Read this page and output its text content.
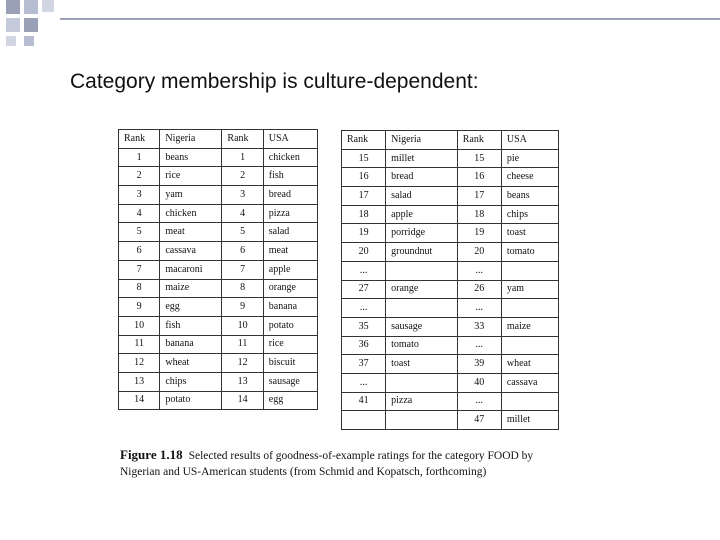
Category membership is culture-dependent:
Rank	Nigeria	Rank	USA
1	beans	1	chicken
2	rice	2	fish
3	yam	3	bread
4	chicken	4	pizza
5	meat	5	salad
6	cassava	6	meat
7	macaroni	7	apple
8	maize	8	orange
9	egg	9	banana
10	fish	10	potato
11	banana	11	rice
12	wheat	12	biscuit
13	chips	13	sausage
14	potato	14	egg
Rank	Nigeria	Rank	USA
15	millet	15	pie
16	bread	16	cheese
17	salad	17	beans
18	apple	18	chips
19	porridge	19	toast
20	groundnut	20	tomato
...		...	
27	orange	26	yam
...		...	
35	sausage	33	maize
36	tomato	...	
37	toast	39	wheat
...		40	cassava
41	pizza	...	
		47	millet
Figure 1.18 Selected results of goodness-of-example ratings for the category FOOD by Nigerian and US-American students (from Schmid and Kopatsch, forthcoming)
